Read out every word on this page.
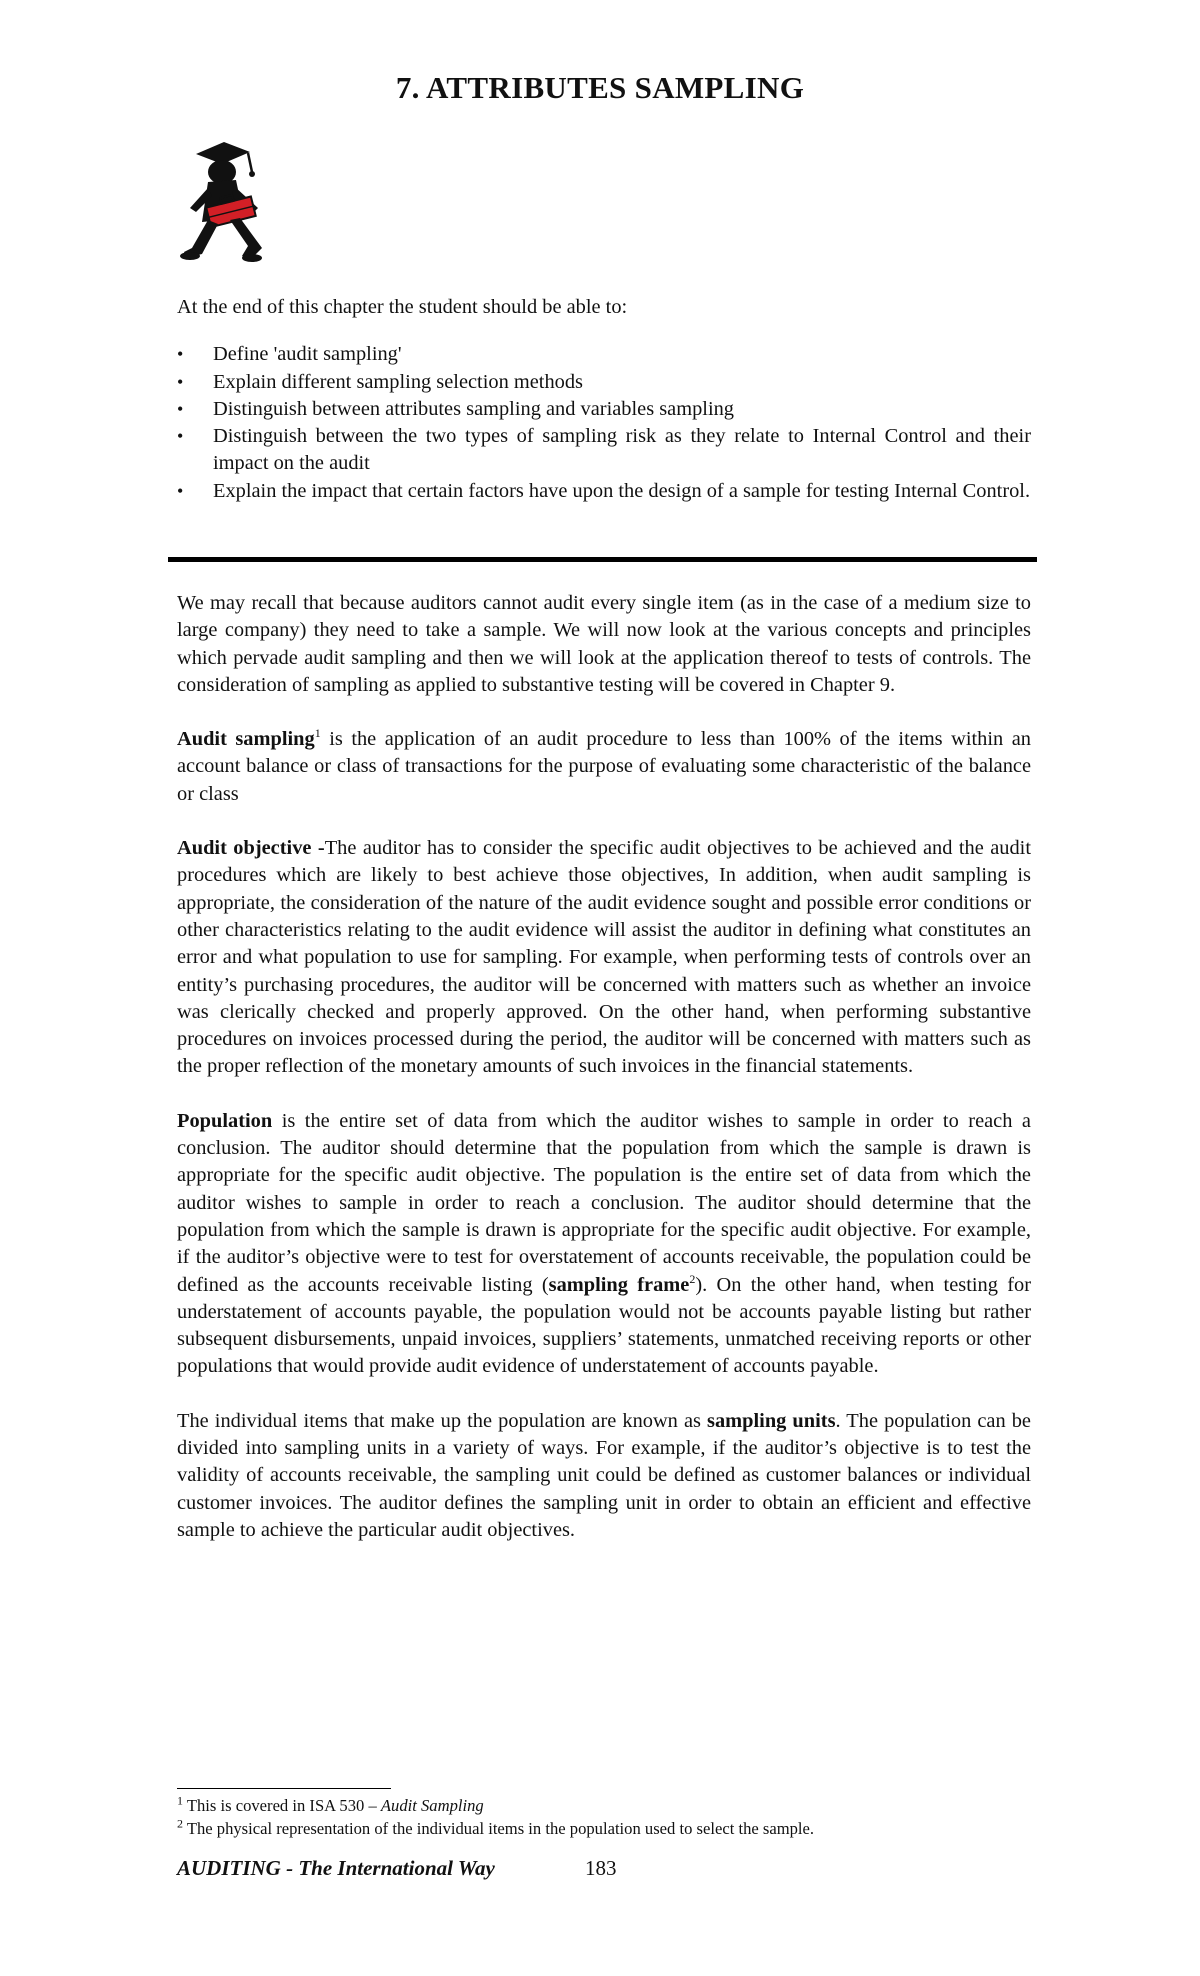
7. ATTRIBUTES SAMPLING

At the end of this chapter the student should be able to:

• Define 'audit sampling'
• Explain different sampling selection methods
• Distinguish between attributes sampling and variables sampling
• Distinguish between the two types of sampling risk as they relate to Internal Control and their impact on the audit
• Explain the impact that certain factors have upon the design of a sample for testing Internal Control.

We may recall that because auditors cannot audit every single item (as in the case of a medium size to large company) they need to take a sample. We will now look at the various concepts and principles which pervade audit sampling and then we will look at the application thereof to tests of controls. The consideration of sampling as applied to substantive testing will be covered in Chapter 9.

Audit sampling$^1$ is the application of an audit procedure to less than 100% of the items within an account balance or class of transactions for the purpose of evaluating some characteristic of the balance or class

Audit objective -The auditor has to consider the specific audit objectives to be achieved and the audit procedures which are likely to best achieve those objectives, In addition, when audit sampling is appropriate, the consideration of the nature of the audit evidence sought and possible error conditions or other characteristics relating to the audit evidence will assist the auditor in defining what constitutes an error and what population to use for sampling. For example, when performing tests of controls over an entity’s purchasing procedures, the auditor will be concerned with matters such as whether an invoice was clerically checked and properly approved. On the other hand, when performing substantive procedures on invoices processed during the period, the auditor will be concerned with matters such as the proper reflection of the monetary amounts of such invoices in the financial statements.

Population is the entire set of data from which the auditor wishes to sample in order to reach a conclusion. The auditor should determine that the population from which the sample is drawn is appropriate for the specific audit objective. The population is the entire set of data from which the auditor wishes to sample in order to reach a conclusion. The auditor should determine that the population from which the sample is drawn is appropriate for the specific audit objective. For example, if the auditor’s objective were to test for overstatement of accounts receivable, the population could be defined as the accounts receivable listing (sampling frame$^2$). On the other hand, when testing for understatement of accounts payable, the population would not be accounts payable listing but rather subsequent disbursements, unpaid invoices, suppliers’ statements, unmatched receiving reports or other populations that would provide audit evidence of understatement of accounts payable.

The individual items that make up the population are known as sampling units. The population can be divided into sampling units in a variety of ways. For example, if the auditor’s objective is to test the validity of accounts receivable, the sampling unit could be defined as customer balances or individual customer invoices. The auditor defines the sampling unit in order to obtain an efficient and effective sample to achieve the particular audit objectives.

$^1$ This is covered in ISA 530 – Audit Sampling
$^2$ The physical representation of the individual items in the population used to select the sample.
AUDITING - The International Way	183
